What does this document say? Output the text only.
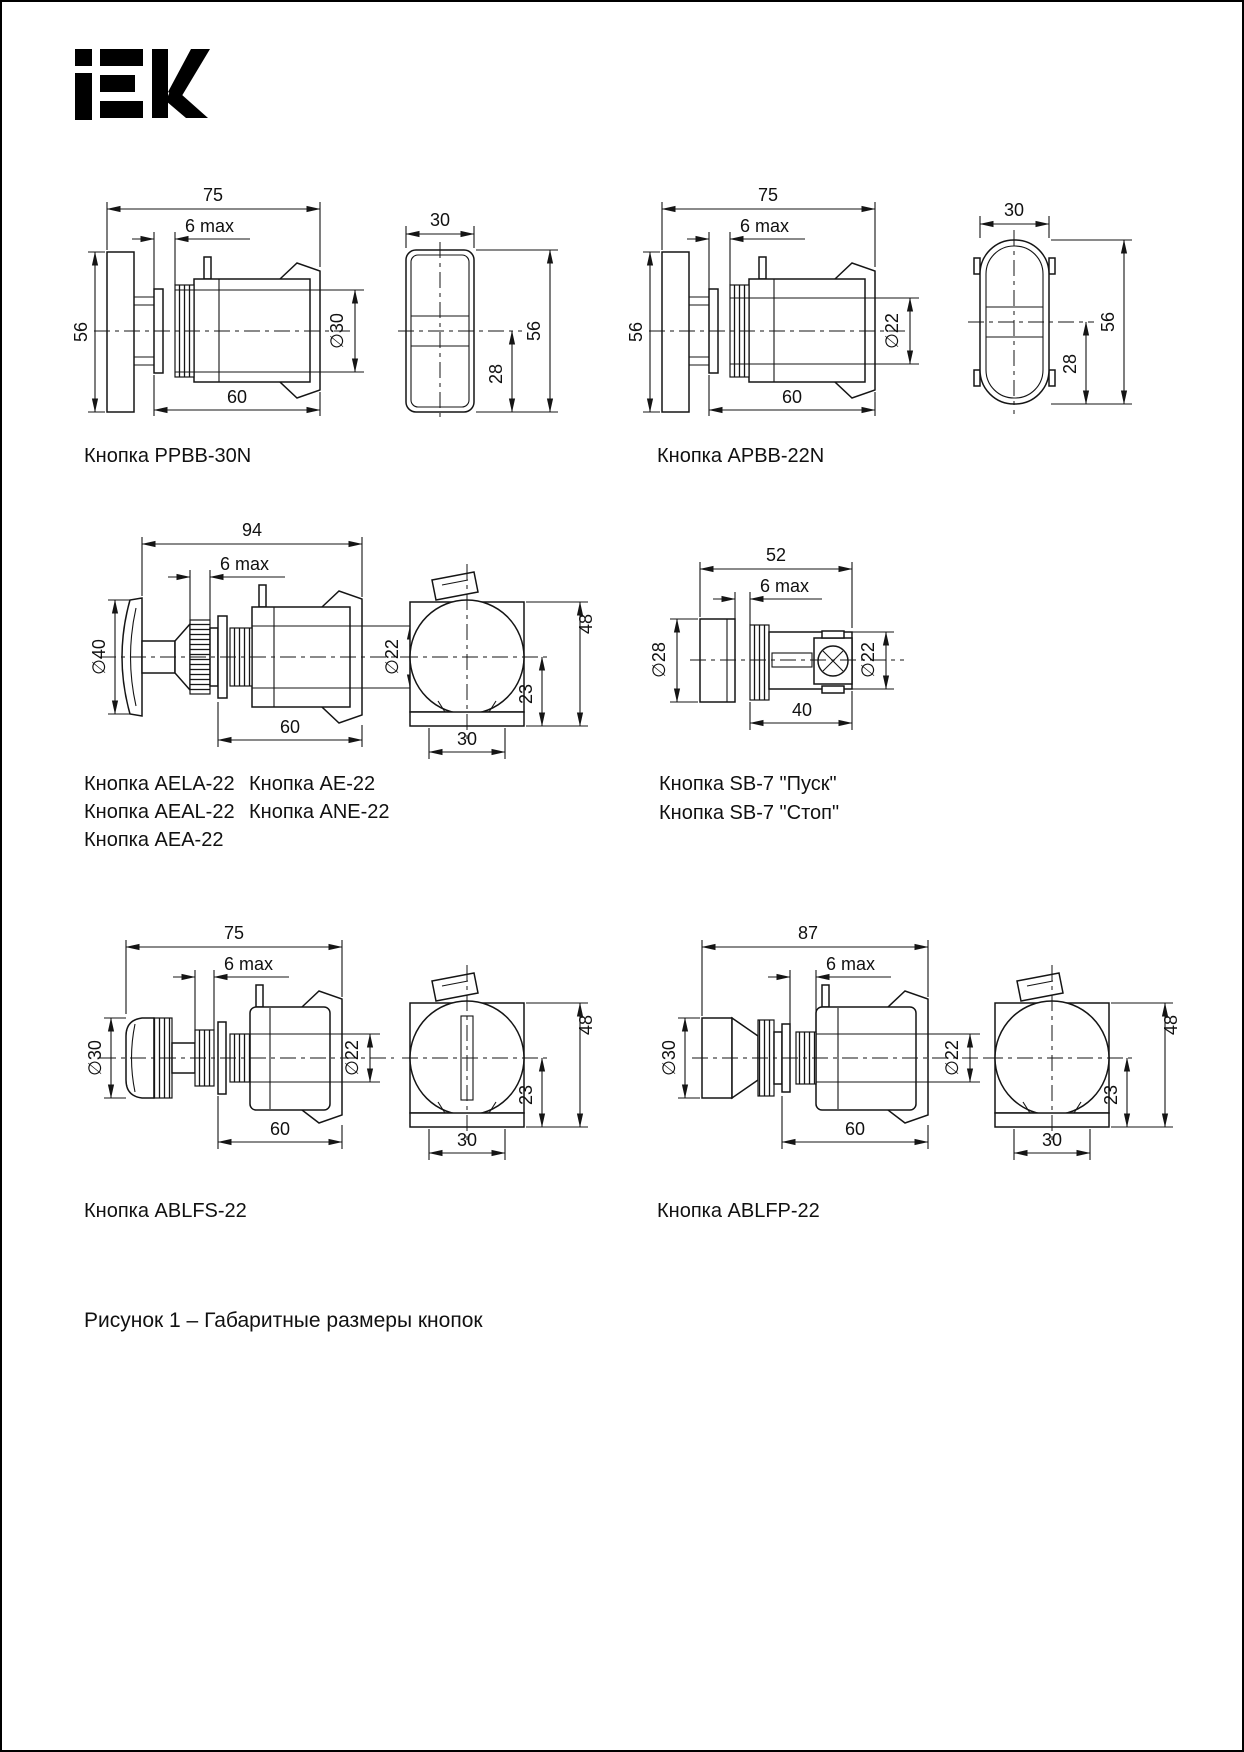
75
6 max
56
60
∅30
30
56
28
75
6 max
56
60
∅22
30
56
28
94
6 max
∅40	∅22
60
30
48
23
52
6 max
∅28	∅22
40
75
6 max
∅30	∅22
60
30
48
23
87
6 max
∅30	∅22
60
30
48
23
Кнопка PPBB-30N	Кнопка APBB-22N
Кнопка AELA-22
Кнопка AEAL-22
Кнопка AEA-22
Кнопка AE-22
Кнопка ANE-22
Кнопка SB-7 "Пуск"
Кнопка SB-7 "Стоп"
Кнопка ABLFS-22	Кнопка ABLFP-22
Рисунок 1 – Габаритные размеры кнопок
